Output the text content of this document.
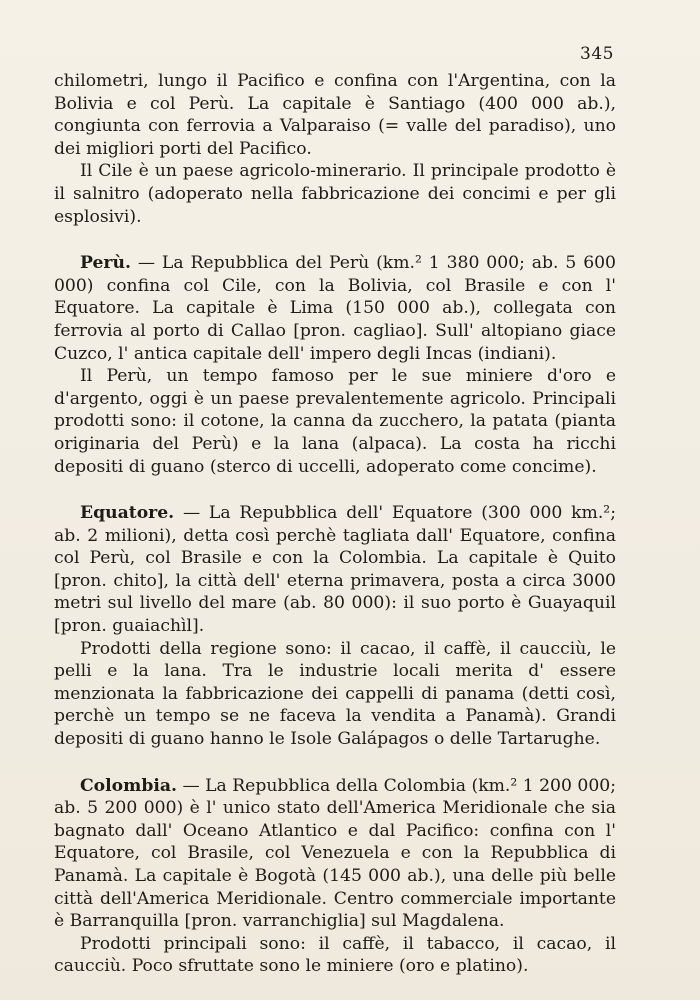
345

chilometri, lungo il Pacifico e confina con l'Argentina, con la Bolivia e col Perù. La capitale è Santiago (400 000 ab.), congiunta con ferrovia a Valparaiso (= valle del paradiso), uno dei migliori porti del Pacifico.

Il Cile è un paese agricolo-minerario. Il principale prodotto è il salnitro (adoperato nella fabbricazione dei concimi e per gli esplosivi).

Perù. — La Repubblica del Perù (km.² 1 380 000; ab. 5 600 000) confina col Cile, con la Bolivia, col Brasile e con l' Equatore. La capitale è Lima (150 000 ab.), collegata con ferrovia al porto di Callao [pron. cagliao]. Sull' altopiano giace Cuzco, l' antica capitale dell' impero degli Incas (indiani).

Il Perù, un tempo famoso per le sue miniere d'oro e d'argento, oggi è un paese prevalentemente agricolo. Principali prodotti sono: il cotone, la canna da zucchero, la patata (pianta originaria del Perù) e la lana (alpaca). La costa ha ricchi depositi di guano (sterco di uccelli, adoperato come concime).

Equatore. — La Repubblica dell' Equatore (300 000 km.²; ab. 2 milioni), detta così perchè tagliata dall' Equatore, confina col Perù, col Brasile e con la Colombia. La capitale è Quito [pron. chito], la città dell' eterna primavera, posta a circa 3000 metri sul livello del mare (ab. 80 000): il suo porto è Guayaquil [pron. guaiachìl].

Prodotti della regione sono: il cacao, il caffè, il caucciù, le pelli e la lana. Tra le industrie locali merita d' essere menzionata la fabbricazione dei cappelli di panama (detti così, perchè un tempo se ne faceva la vendita a Panamà). Grandi depositi di guano hanno le Isole Galápagos o delle Tartarughe.

Colombia. — La Repubblica della Colombia (km.² 1 200 000; ab. 5 200 000) è l' unico stato dell'America Meridionale che sia bagnato dall' Oceano Atlantico e dal Pacifico: confina con l' Equatore, col Brasile, col Venezuela e con la Repubblica di Panamà. La capitale è Bogotà (145 000 ab.), una delle più belle città dell'America Meridionale. Centro commerciale importante è Barranquilla [pron. varranchiglia] sul Magdalena.

Prodotti principali sono: il caffè, il tabacco, il cacao, il caucciù. Poco sfruttate sono le miniere (oro e platino).
